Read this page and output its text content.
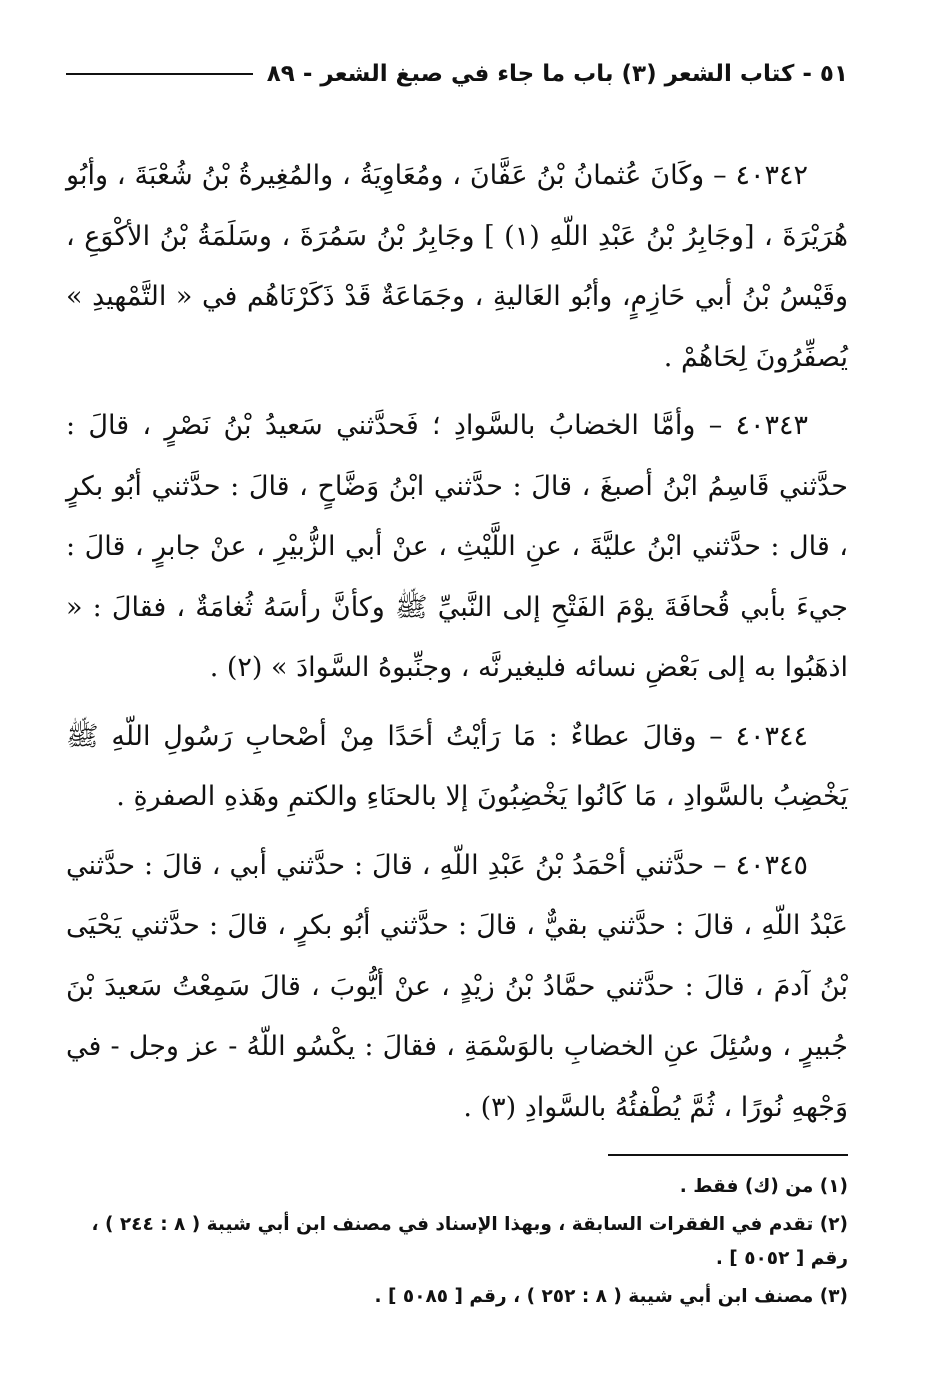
٥١ - كتاب الشعر (٣) باب ما جاء في صبغ الشعر - ٨٩

٤٠٣٤٢ – وكَانَ عُثمانُ بْنُ عَفَّانَ ، ومُعَاوِيَةُ ، والمُغِيرةُ بْنُ شُعْبَةَ ، وأبُو هُرَيْرَةَ ، [وجَابِرُ بْنُ عَبْدِ اللّهِ (١) ] وجَابِرُ بْنُ سَمُرَةَ ، وسَلَمَةُ بْنُ الأكْوَعِ ، وقَيْسُ بْنُ أبي حَازِمٍ، وأبُو العَاليةِ ، وجَمَاعَةٌ قَدْ ذَكَرْنَاهُم في « التَّمْهيدِ » يُصفِّرُونَ لِحَاهُمْ .

٤٠٣٤٣ – وأمَّا الخضابُ بالسَّوادِ ؛ فَحدَّثني سَعيدُ بْنُ نَصْرٍ ، قالَ : حدَّثني قَاسِمُ ابْنُ أصبغَ ، قالَ : حدَّثني ابْنُ وَضَّاحٍ ، قالَ : حدَّثني أبُو بكرٍ ، قال : حدَّثني ابْنُ عليَّةَ ، عنِ اللَّيْثِ ، عنْ أبي الزُّبيْرِ ، عنْ جابرٍ ، قالَ : جيءَ بأبي قُحافَةَ يوْمَ الفَتْحِ إلى النَّبيِّ ﷺ وكأنَّ رأسَهُ ثُغامَةٌ ، فقالَ : « اذهَبُوا به إلى بَعْضِ نسائه فليغيرنَّه ، وجنِّبوهُ السَّوادَ » (٢) .

٤٠٣٤٤ – وقالَ عطاءٌ : مَا رَأيْتُ أحَدًا مِنْ أصْحابِ رَسُولِ اللّهِ ﷺ يَخْضِبُ بالسَّوادِ ، مَا كَانُوا يَخْضِبُونَ إلا بالحنَاءِ والكتمِ وهَذهِ الصفرةِ .

٤٠٣٤٥ – حدَّثني أحْمَدُ بْنُ عَبْدِ اللّهِ ، قالَ : حدَّثني أبي ، قالَ : حدَّثني عَبْدُ اللّهِ ، قالَ : حدَّثني بقيٌّ ، قالَ : حدَّثني أبُو بكرٍ ، قالَ : حدَّثني يَحْيَى بْنُ آدمَ ، قالَ : حدَّثني حمَّادُ بْنُ زيْدٍ ، عنْ أيُّوبَ ، قالَ سَمِعْتُ سَعيدَ بْنَ جُبيرٍ ، وسُئِلَ عنِ الخضابِ بالوَسْمَةِ ، فقالَ : يكْسُو اللّهُ - عز وجل - في وَجْههِ نُورًا ، ثُمَّ يُطْفئُهُ بالسَّوادِ (٣) .

(١) من (ك) فقط .

(٢) تقدم في الفقرات السابقة ، وبهذا الإسناد في مصنف ابن أبي شيبة ( ٨ : ٢٤٤ ) ، رقم [ ٥٠٥٢ ] .

(٣) مصنف ابن أبي شيبة ( ٨ : ٢٥٢ ) ، رقم [ ٥٠٨٥ ] .
